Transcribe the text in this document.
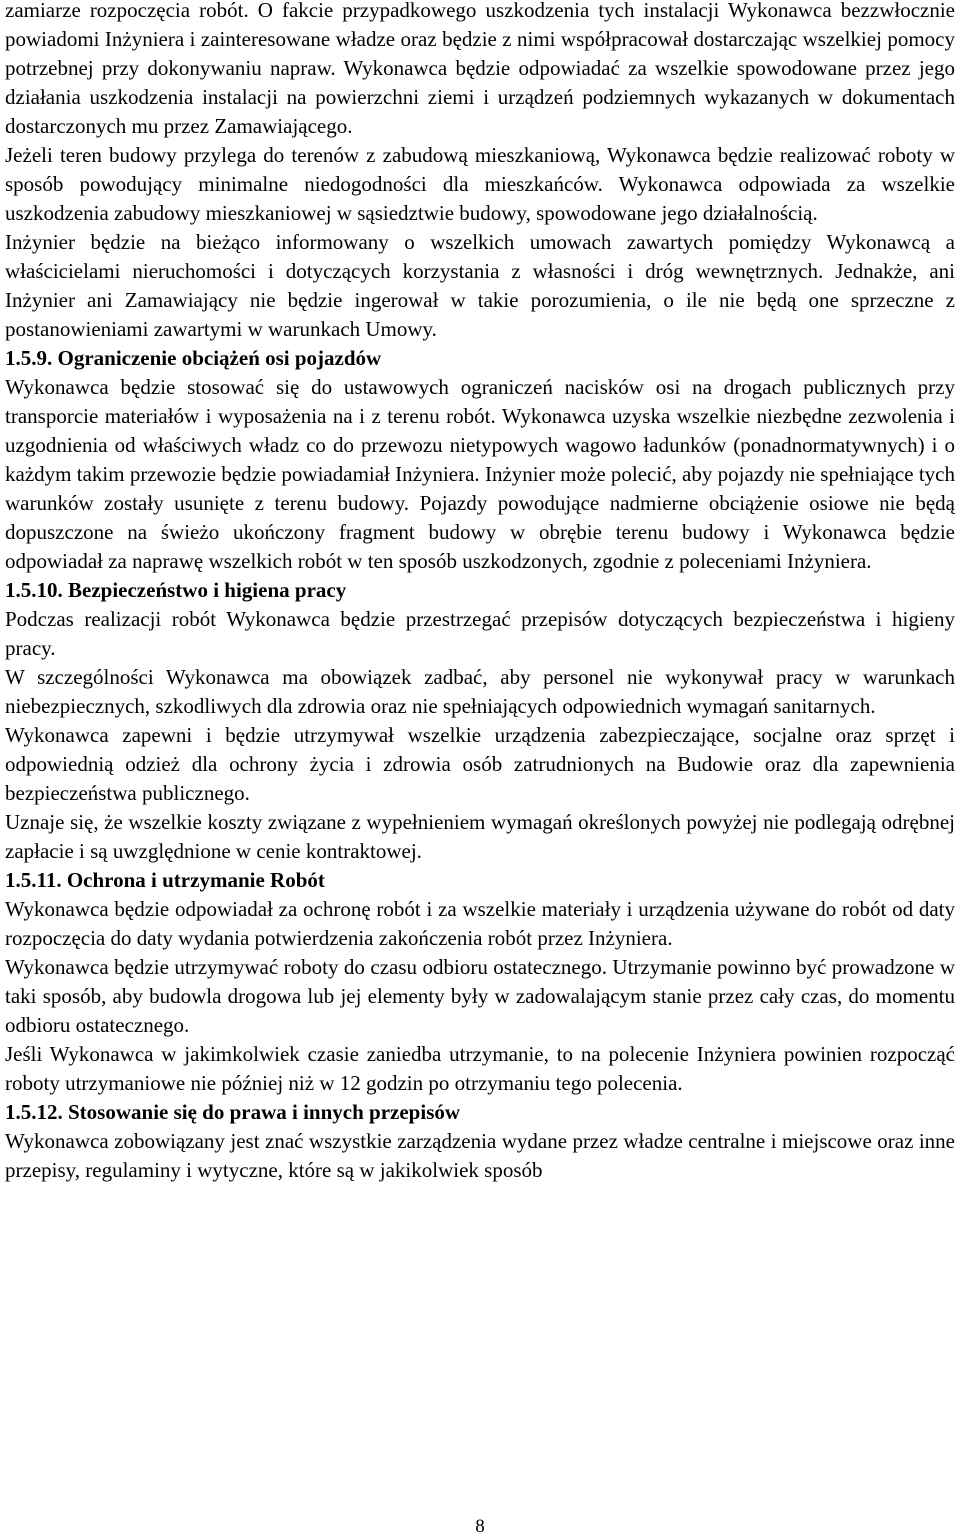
zamiarze rozpoczęcia robót. O fakcie przypadkowego uszkodzenia tych instalacji Wykonawca bezzwłocznie powiadomi Inżyniera i zainteresowane władze oraz będzie z nimi współpracował dostarczając wszelkiej pomocy potrzebnej przy dokonywaniu napraw. Wykonawca będzie odpowiadać za wszelkie spowodowane przez jego działania uszkodzenia instalacji na powierzchni ziemi i urządzeń podziemnych wykazanych w dokumentach dostarczonych mu przez Zamawiającego.

Jeżeli teren budowy przylega do terenów z zabudową mieszkaniową, Wykonawca będzie realizować roboty w sposób powodujący minimalne niedogodności dla mieszkańców. Wykonawca odpowiada za wszelkie uszkodzenia zabudowy mieszkaniowej w sąsiedztwie budowy, spowodowane jego działalnością.

Inżynier będzie na bieżąco informowany o wszelkich umowach zawartych pomiędzy Wykonawcą a właścicielami nieruchomości i dotyczących korzystania z własności i dróg wewnętrznych. Jednakże, ani Inżynier ani Zamawiający nie będzie ingerował w takie porozumienia, o ile nie będą one sprzeczne z postanowieniami zawartymi w warunkach Umowy.

1.5.9. Ograniczenie obciążeń osi pojazdów

Wykonawca będzie stosować się do ustawowych ograniczeń nacisków osi na drogach publicznych przy transporcie materiałów i wyposażenia na i z terenu robót. Wykonawca uzyska wszelkie niezbędne zezwolenia i uzgodnienia od właściwych władz co do przewozu nietypowych wagowo ładunków (ponadnormatywnych) i o każdym takim przewozie będzie powiadamiał Inżyniera. Inżynier może polecić, aby pojazdy nie spełniające tych warunków zostały usunięte z terenu budowy. Pojazdy powodujące nadmierne obciążenie osiowe nie będą dopuszczone na świeżo ukończony fragment budowy w obrębie terenu budowy i Wykonawca będzie odpowiadał za naprawę wszelkich robót w ten sposób uszkodzonych, zgodnie z poleceniami Inżyniera.

1.5.10. Bezpieczeństwo i higiena pracy

Podczas realizacji robót Wykonawca będzie przestrzegać przepisów dotyczących bezpieczeństwa i higieny pracy.

W szczególności Wykonawca ma obowiązek zadbać, aby personel nie wykonywał pracy w warunkach niebezpiecznych, szkodliwych dla zdrowia oraz nie spełniających odpowiednich wymagań sanitarnych.

Wykonawca zapewni i będzie utrzymywał wszelkie urządzenia zabezpieczające, socjalne oraz sprzęt i odpowiednią odzież dla ochrony życia i zdrowia osób zatrudnionych na Budowie oraz dla zapewnienia bezpieczeństwa publicznego.

Uznaje się, że wszelkie koszty związane z wypełnieniem wymagań określonych powyżej nie podlegają odrębnej zapłacie i są uwzględnione w cenie kontraktowej.

1.5.11. Ochrona i utrzymanie Robót

Wykonawca będzie odpowiadał za ochronę robót i za wszelkie materiały i urządzenia używane do robót od daty rozpoczęcia do daty wydania potwierdzenia zakończenia robót przez Inżyniera.

Wykonawca będzie utrzymywać roboty do czasu odbioru ostatecznego. Utrzymanie powinno być prowadzone w taki sposób, aby budowla drogowa lub jej elementy były w zadowalającym stanie przez cały czas, do momentu odbioru ostatecznego.

Jeśli Wykonawca w jakimkolwiek czasie zaniedba utrzymanie, to na polecenie Inżyniera powinien rozpocząć roboty utrzymaniowe nie później niż w 12 godzin po otrzymaniu tego polecenia.

1.5.12. Stosowanie się do prawa i innych przepisów

Wykonawca zobowiązany jest znać wszystkie zarządzenia wydane przez władze centralne i miejscowe oraz inne przepisy, regulaminy i wytyczne, które są w jakikolwiek sposób

8
